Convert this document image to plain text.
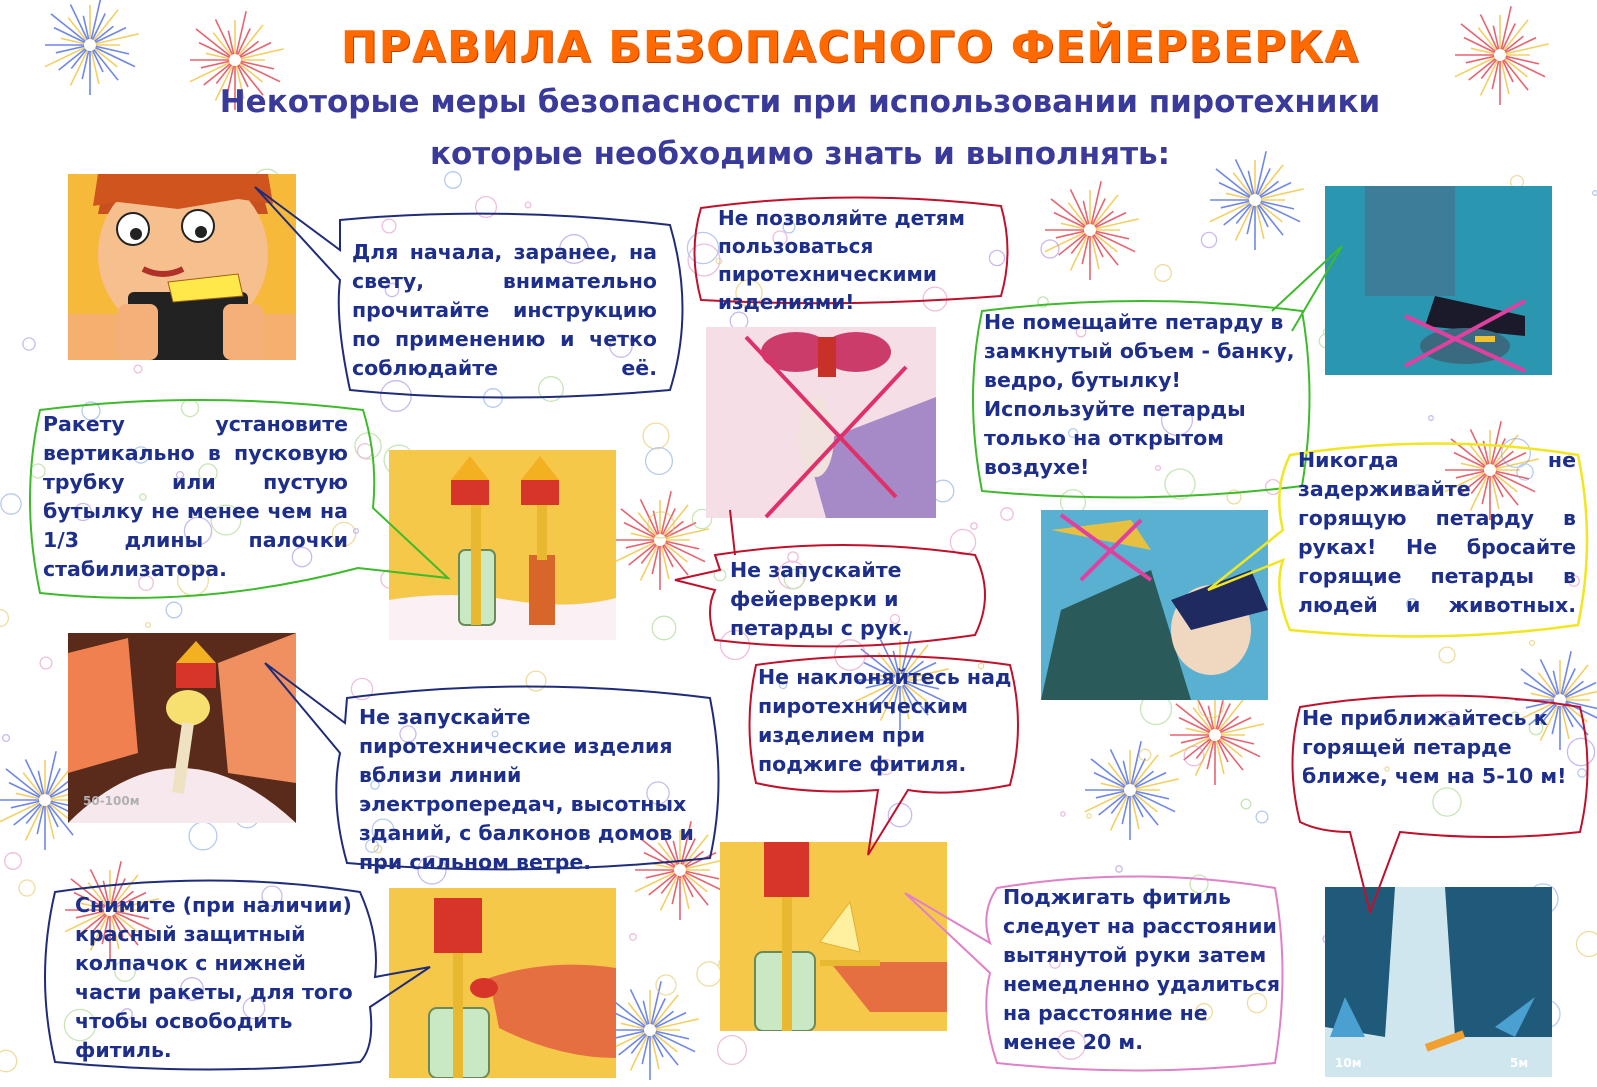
ПРАВИЛА БЕЗОПАСНОГО ФЕЙЕРВЕРКА
Некоторые меры безопасности при использовании пиротехники
которые необходимо знать и выполнять:
50-100м
10м	5м
Для начала, заранее, на свету, внимательно прочитайте инструкцию по применению и четко соблюдайте её.
Не позволяйте детям пользоваться пиротехническими изделиями!
Не помещайте петарду в замкнутый объем - банку, ведро, бутылку! Используйте петарды только на открытом воздухе!
Ракету установите вертикально в пусковую трубку или пустую бутылку не менее чем на 1/3 длины палочки стабилизатора.	Не запускайте фейерверки и петарды с рук.
Никогда не задерживайте горящую петарду в руках! Не бросайте горящие петарды в людей и животных.
Не запускайте пиротехнические изделия вблизи линий электропередач, высотных зданий, с балконов домов и при сильном ветре.
Не наклоняйтесь над пиротехническим изделием при поджиге фитиля.
Не приближайтесь к горящей петарде ближе, чем на 5-10 м!
Снимите (при наличии) красный защитный колпачок с нижней части ракеты, для того чтобы освободить фитиль.
Поджигать фитиль следует на расстоянии вытянутой руки затем немедленно удалиться на расстояние не менее 20 м.
